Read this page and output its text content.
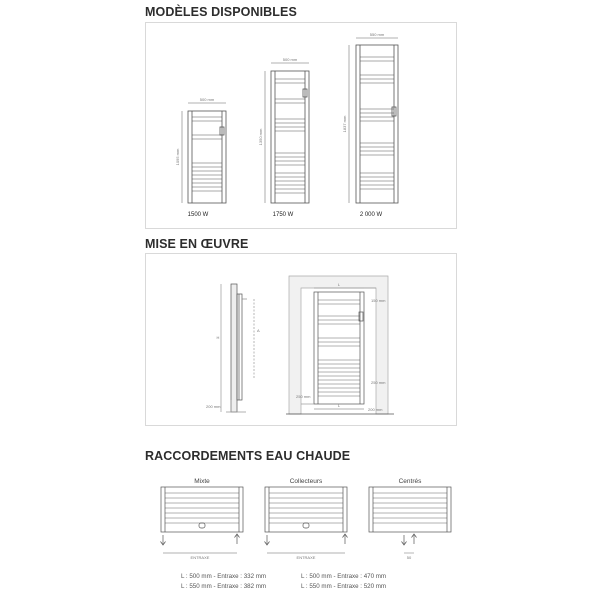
MODÈLES DISPONIBLES
500 mm
500 mm
550 mm
1095 mm
1350 mm
1837 mm
1500 W	1750 W	2 000 W
MISE EN ŒUVRE
H
A
200 mm
L
150 mm
250 mm
250 mm
L
200 mm
RACCORDEMENTS EAU CHAUDE
Mixte	Collecteurs	Centrés
ENTRAXE	ENTRAXE	50
L : 500 mm - Entraxe : 332 mm
L : 550 mm - Entraxe : 382 mm
L : 500 mm - Entraxe : 470 mm
L : 550 mm - Entraxe : 520 mm
